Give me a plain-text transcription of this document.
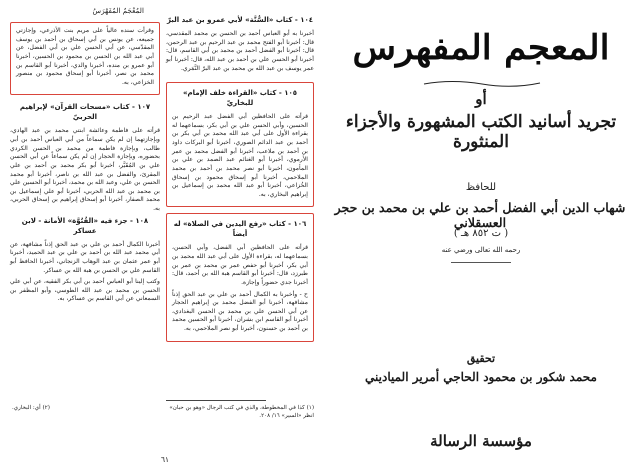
المُعْجَمُ المُفَهْرَسُ
١٠٤ - كتاب «السُّنَّة» لأبي عمرو بن عبد البرّ

أخبرنا به أبو العباس أحمد بن الحسن بن محمد المقدسي، قال: أخبرنا أبو الفتح محمد بن عبد الرحيم بن عبد الرحمن، قال: أخبرنا أبو الفضل أحمد بن محمد بن أبي القاسم، قال: أخبرنا أبو الحسن علي بن أحمد بن عبد الله، قال: أخبرنا أبو عمر يوسف بن عبد الله بن محمد بن عبد البرّ النَّمَري.

١٠٥ - كتاب «القراءة خلف الإمام» للبخاريّ

قرأته على الحافظين أبي الفضل عبد الرحيم بن الحسين، وأبي الحسن علي بن أبي بكر، بسماعهما له بقراءة الأول على أبي عبد الله محمد بن أبي بكر بن أحمد بن عبد الدائم الصوري، أخبرنا أبو البركات داود بن أحمد بن ملاعب، أخبرنا أبو الفضل محمد بن عمر الأرموي، أخبرنا أبو الغنائم عبد الصمد بن علي بن المأمون، أخبرنا أبو نصر محمد بن أحمد بن محمد الملاحمي، أخبرنا أبو إسحاق محمود بن إسحاق الخُزاعي، أخبرنا أبو عبد الله محمد بن إسماعيل بن إبراهيم البخاري، به.

١٠٦ - كتاب «رفع اليدين في الصلاة» له أيضاً

قرأته على الحافظين أبي الفضل، وأبي الحسن، بسماعهما له، بقراءة الأول على أبي عبد الله محمد بن أبي بكر، أخبرنا أبو حفص عمر بن محمد بن عمر بن طبرزد، قال: أخبرنا أبو القاسم هبة الله بن أحمد، قال: أخبرنا جدي حضوراً وإجازة.

ح - وأخبرنا به الكمال أحمد بن علي بن عبد الحق إذناً مشافهة، أخبرنا أبو الفضل محمد بن إبراهيم الحجار عن أبي الحسن علي بن محمد بن الحسن البغدادي، أخبرنا أبو القاسم ابن بشران، أخبرنا أبو الحسين محمد بن أحمد بن حسنون، أخبرنا أبو نصر الملاحمي، به.

وقرأت سنده عالياً على مريم بنت الأذرعي، وإجازتي جميعه، عن يونس بن أبي إسحاق بن أحمد بن يوسف المقدّسي، عن أبي الحسن علي بن أبي الفضل، عن أبي عبد الله بن الحسن بن محمود بن الحسين، أخبرنا أبو عمرو بن منده، أخبرنا والدي، أخبرنا أبو القاسم بن محمد بن نصر، أخبرنا أبو إسحاق محمود بن منصور الخزاعي، به.

١٠٧ - كتاب «مسحات القرآن» لإبراهيم الحربيّ

قرأته على فاطمة وعائشة ابنتي محمد بن عبد الهادي، وبإجازتهما إن لم يكن سماعاً من أبي العباس أحمد بن أبي طالب، وبإجازة فاطمة من محمد بن الحسن الكردي بحضوره، وبإجازة الحجار إن لم يكن سماعاً عن أبي الحسن علي بن المُقَيَّر، أخبرنا أبو بكر محمد بن أحمد بن علي المقرئ، والفضل بن عبد الله بن ناصر، أخبرنا أبو محمد الحسن بن علي، وعبد الله بن محمد، أخبرنا أبو الحسين علي بن محمد بن عبد الله الحربي، أخبرنا أبو علي إسماعيل بن محمد الصفار، أخبرنا أبو إسحاق إبراهيم بن إسحاق الحربي، به.

١٠٨ - جزء فيه «الفُتُوَّة» الأمانة - لابن عساكر

أخبرنا الكمال أحمد بن علي بن عبد الحق إذناً مشافهة، عن أبي محمد عبد الله بن أحمد بن علي بن عبد الحميد، أخبرنا أبو عمر عثمان بن عبد الوهاب الزنجاني، أخبرنا الحافظ أبو القاسم علي بن الحسن بن هبة الله بن عساكر.

وكتب إلينا أبو العباس أحمد بن أبي بكر الفقيه، عن أبي علي الحسن بن محمد بن عبد الله الطوسي، وأبو المظفر بن السمعاني عن أبي القاسم بن عساكر، به.

(١) كذا في المخطوطة، والذي في كتب الرجال «وهو بن حبان» انظر «السير» ١٦/ ٢٠٨.
(٢) أي: البخاري.
٦١
المعجم المفهرس
أو
تجريد أسانيد الكتب المشهورة والأجزاء المنثورة
للحافظ
شهاب الدين أبي الفضل أحمد بن علي بن محمد بن حجر العسقلاني
( ت ٨٥٢ هـ )
رحمه الله تعالى ورضي عنه
تحقيق
محمد شكور بن محمود الحاجي أمرير المياديني
مؤسسة الرسالة
